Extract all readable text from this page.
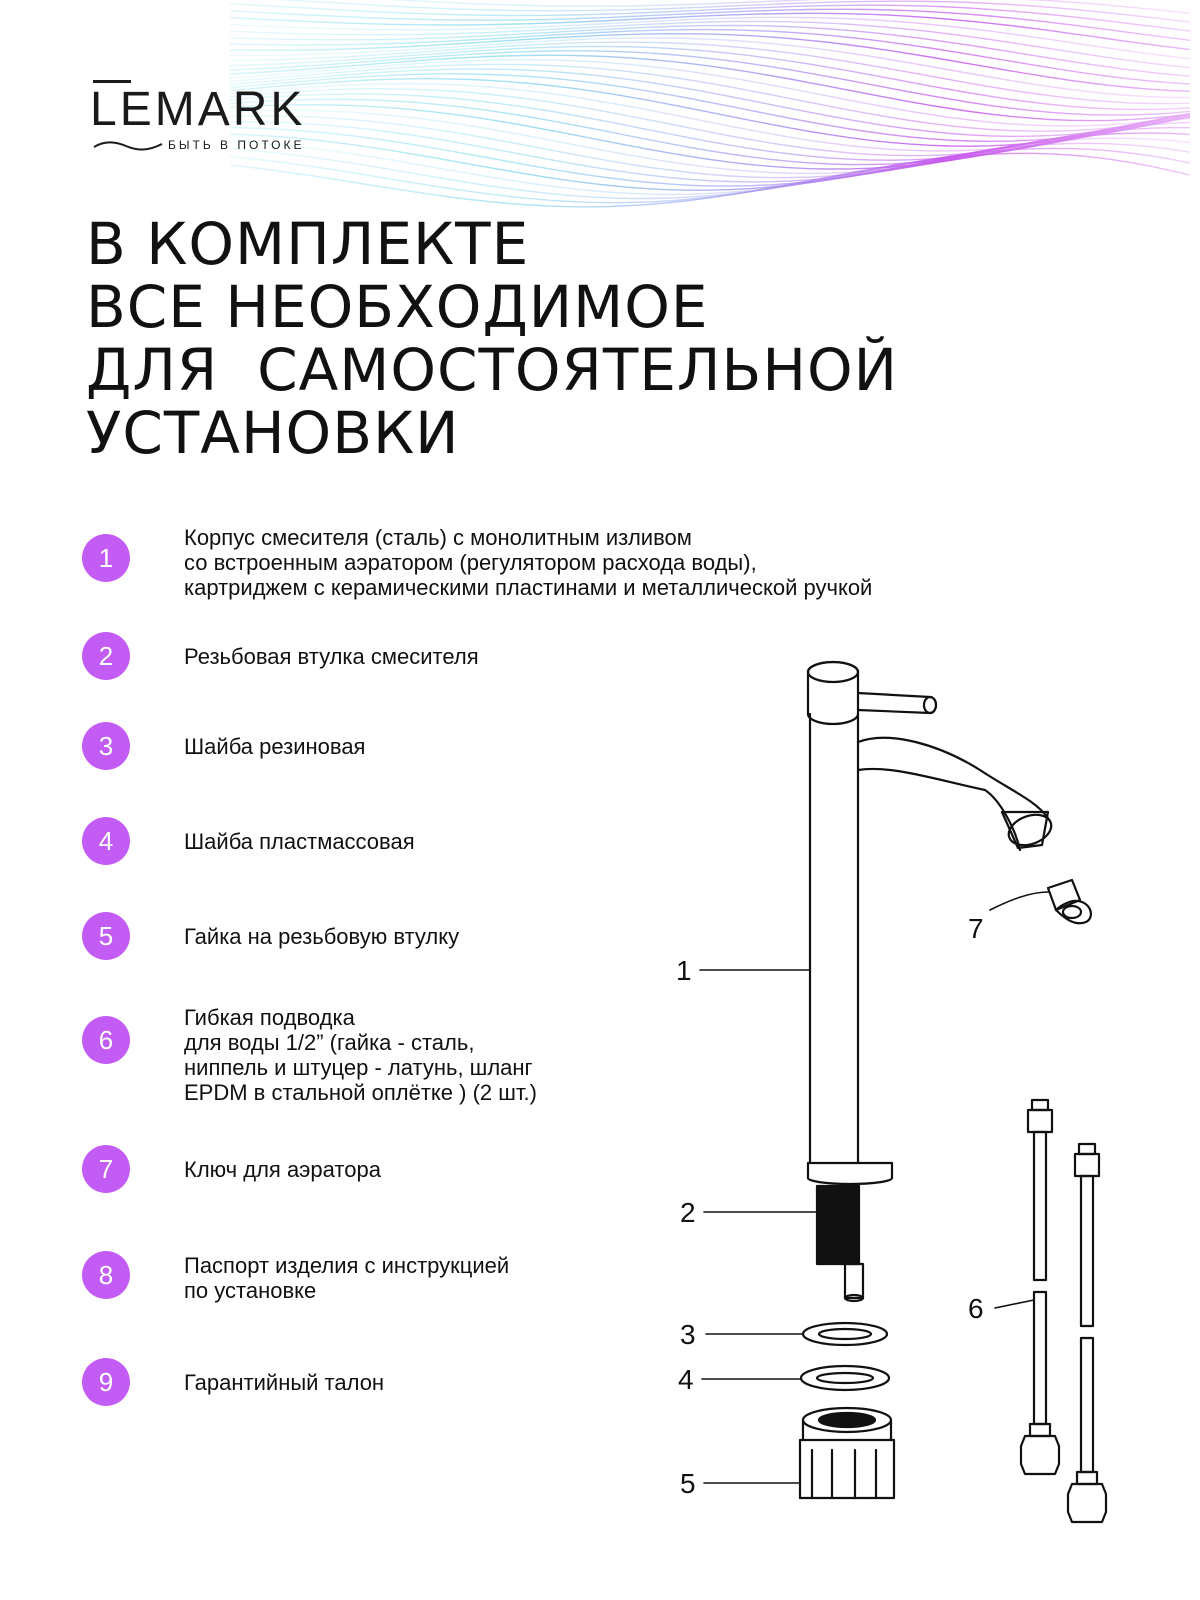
LEMARK
БЫТЬ В ПОТОКЕ
В КОМПЛЕКТЕ
ВСЕ НЕОБХОДИМОЕ
ДЛЯ  САМОСТОЯТЕЛЬНОЙ
УСТАНОВКИ
1
Корпус смесителя (сталь) с монолитным изливом
со встроенным аэратором (регулятором расхода воды),
картриджем с керамическими пластинами и металлической ручкой
2	Резьбовая втулка смесителя
3	Шайба резиновая
4	Шайба пластмассовая
5	Гайка на резьбовую втулку
6
Гибкая подводка
для воды 1/2” (гайка - сталь,
ниппель и штуцер - латунь, шланг
EPDM в стальной оплётке ) (2 шт.)
7	Ключ для аэратора
8	Паспорт изделия с инструкцией
по установке
9	Гарантийный талон
1
2
3
4
5
6
7
